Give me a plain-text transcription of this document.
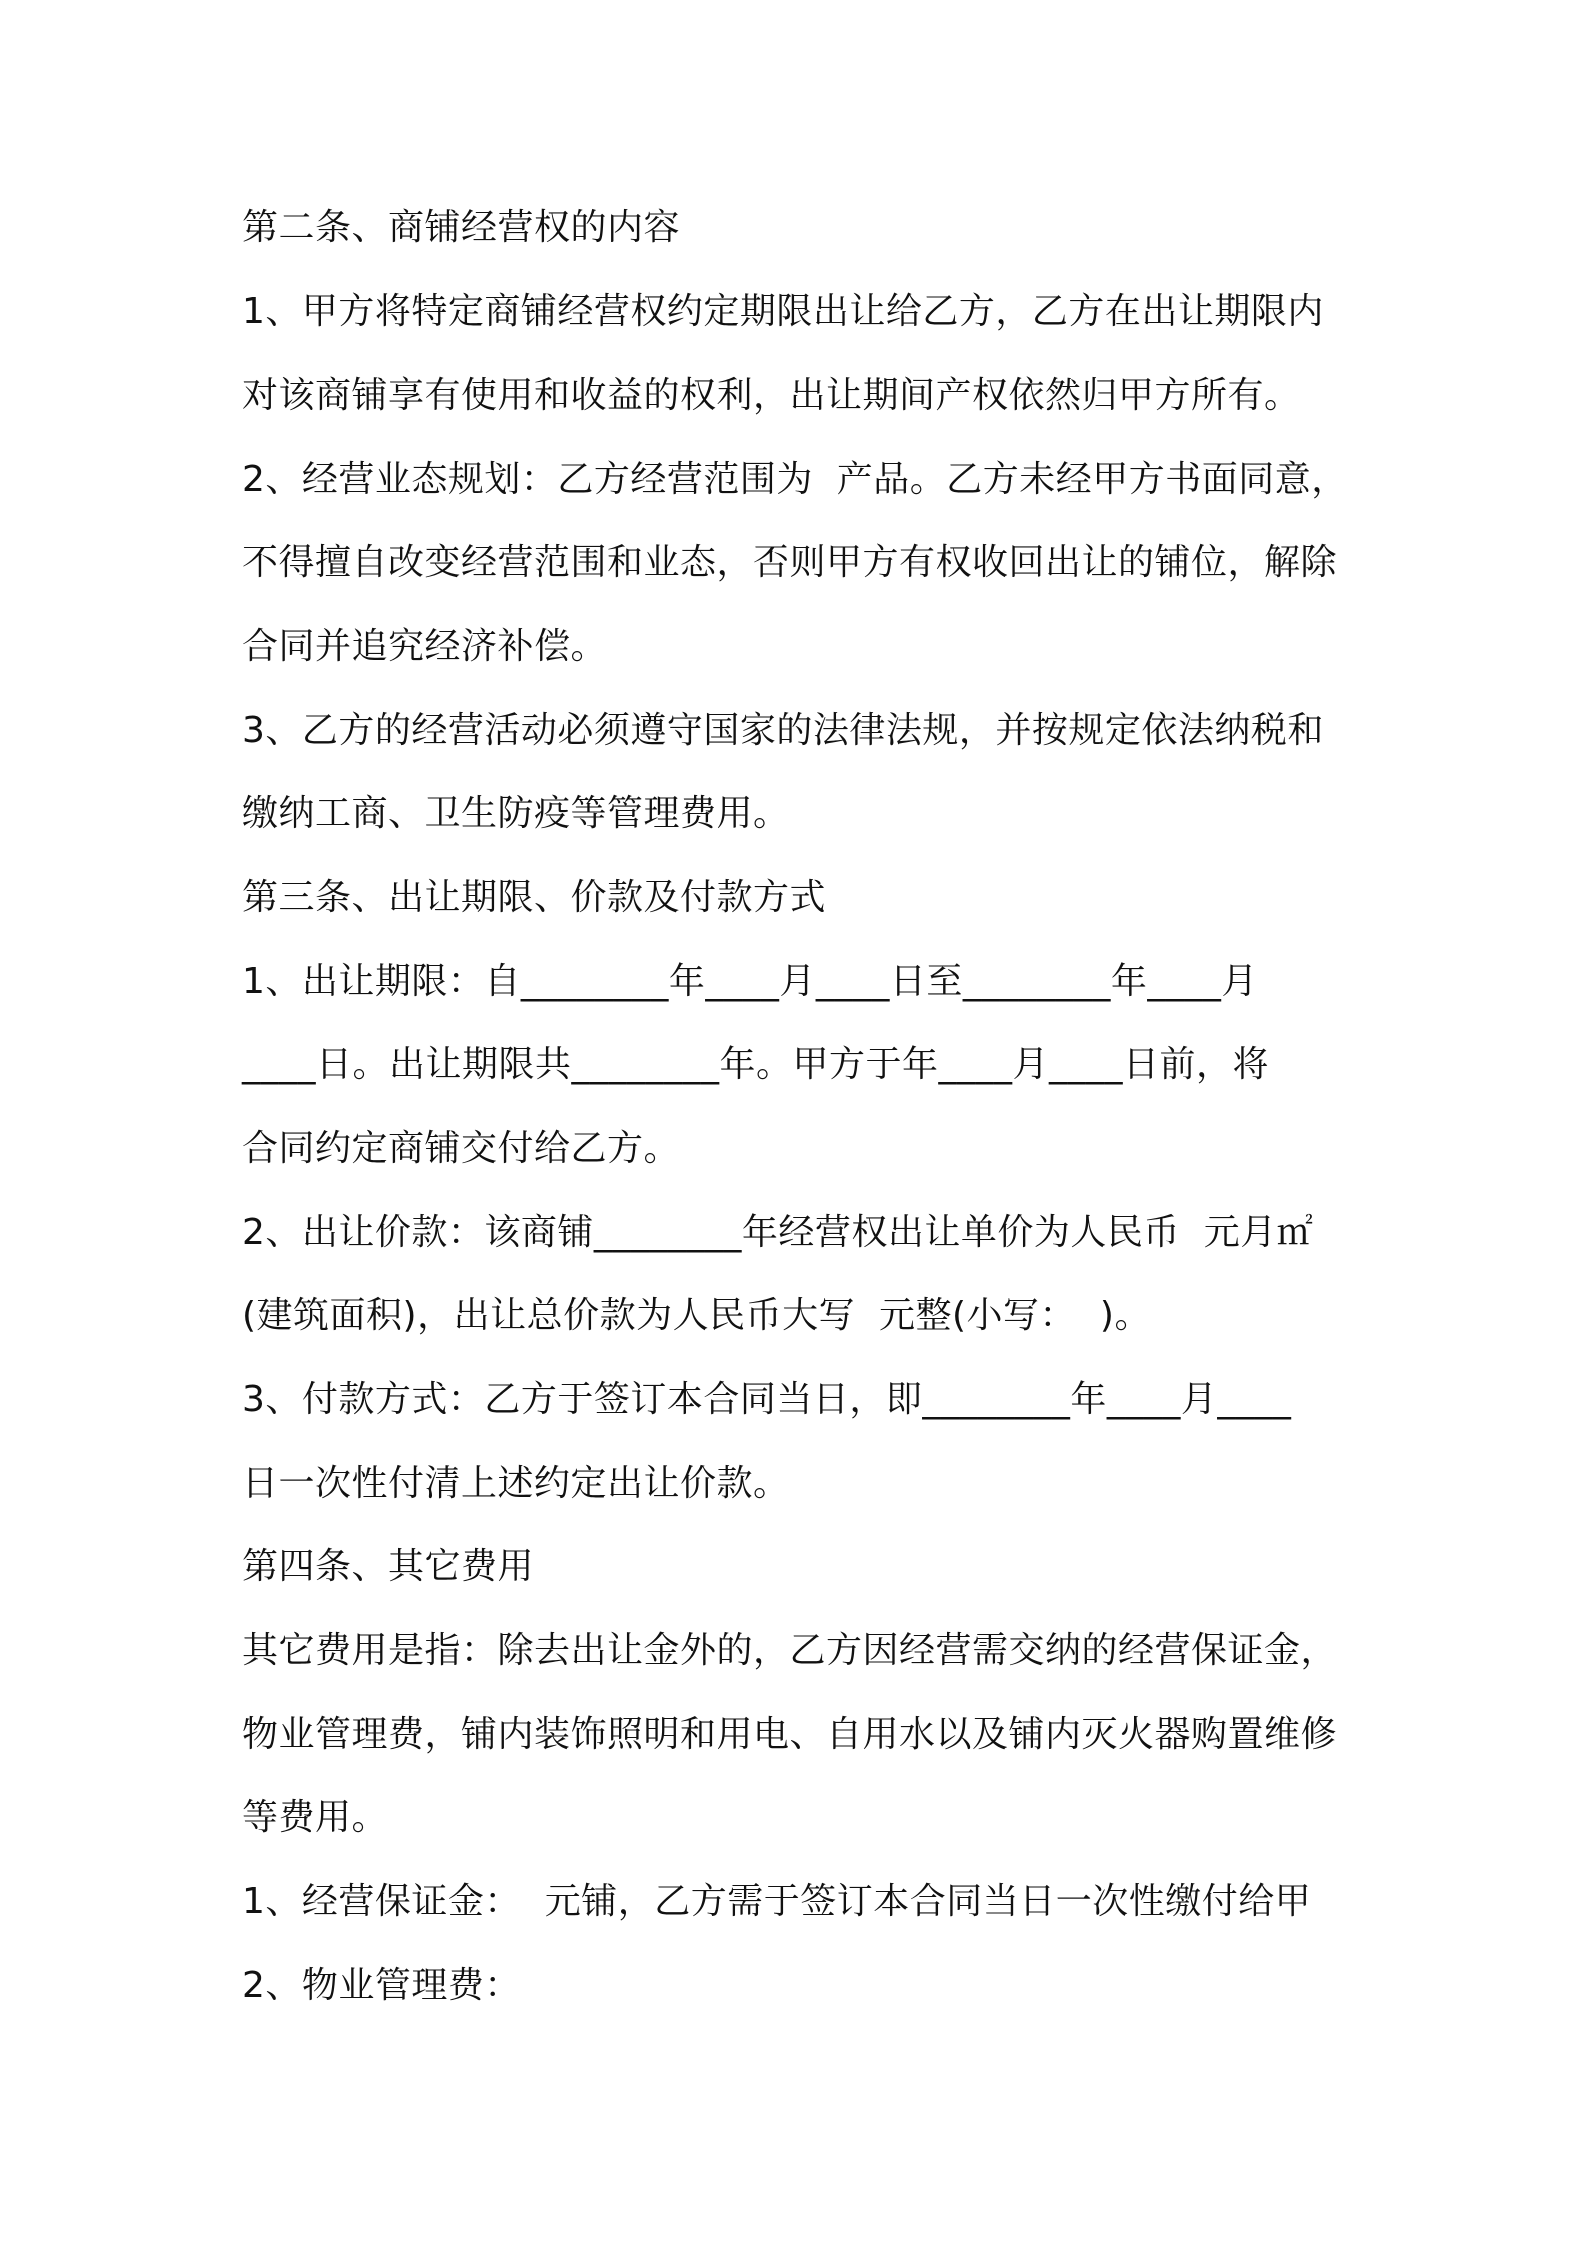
第二条、商铺经营权的内容
1、甲方将特定商铺经营权约定期限出让给乙方，乙方在出让期限内
对该商铺享有使用和收益的权利，出让期间产权依然归甲方所有。
2、经营业态规划：乙方经营范围为  产品。乙方未经甲方书面同意，
不得擅自改变经营范围和业态，否则甲方有权收回出让的铺位，解除
合同并追究经济补偿。
3、乙方的经营活动必须遵守国家的法律法规，并按规定依法纳税和
缴纳工商、卫生防疫等管理费用。
第三条、出让期限、价款及付款方式
1、出让期限：自________年____月____日至________年____月
____日。出让期限共________年。甲方于年____月____日前，将
合同约定商铺交付给乙方。
2、出让价款：该商铺________年经营权出让单价为人民币  元月㎡
(建筑面积)，出让总价款为人民币大写  元整(小写：  )。
3、付款方式：乙方于签订本合同当日，即________年____月____
日一次性付清上述约定出让价款。
第四条、其它费用
其它费用是指：除去出让金外的，乙方因经营需交纳的经营保证金，
物业管理费，铺内装饰照明和用电、自用水以及铺内灭火器购置维修
等费用。
1、经营保证金：  元铺，乙方需于签订本合同当日一次性缴付给甲
2、物业管理费：
